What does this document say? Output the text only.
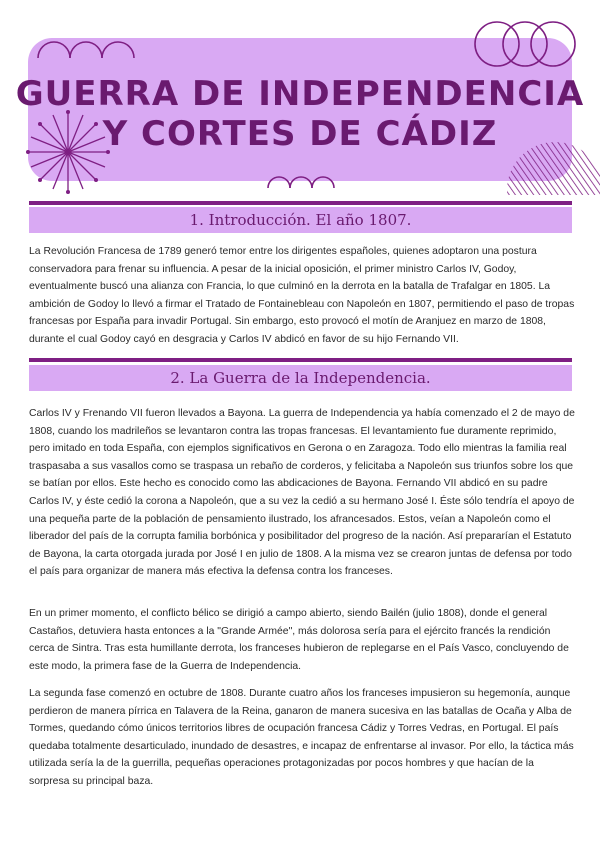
GUERRA DE INDEPENDENCIA
Y CORTES DE CÁDIZ
1. Introducción. El año 1807.

La Revolución Francesa de 1789 generó temor entre los dirigentes españoles, quienes adoptaron una postura conservadora para frenar su influencia. A pesar de la inicial oposición, el primer ministro Carlos IV, Godoy, eventualmente buscó una alianza con Francia, lo que culminó en la derrota en la batalla de Trafalgar en 1805. La ambición de Godoy lo llevó a firmar el Tratado de Fontainebleau con Napoleón en 1807, permitiendo el paso de tropas francesas por España para invadir Portugal. Sin embargo, esto provocó el motín de Aranjuez en marzo de 1808, durante el cual Godoy cayó en desgracia y Carlos IV abdicó en favor de su hijo Fernando VII.

2. La Guerra de la Independencia.

Carlos IV y Frenando VII fueron llevados a Bayona. La guerra de Independencia ya había comenzado el 2 de mayo de 1808, cuando los madrileños se levantaron contra las tropas francesas. El levantamiento fue duramente reprimido, pero imitado en toda España, con ejemplos significativos en Gerona o en Zaragoza. Todo ello mientras la familia real traspasaba a sus vasallos como se traspasa un rebaño de corderos, y felicitaba a Napoleón sus triunfos sobre los que se batían por ellos. Este hecho es conocido como las abdicaciones de Bayona. Fernando VII abdicó en su padre Carlos IV, y éste cedió la corona a Napoleón, que a su vez la cedió a su hermano José I. Éste sólo tendría el apoyo de una pequeña parte de la población de pensamiento ilustrado, los afrancesados. Estos, veían a Napoleón como el liberador del país de la corrupta familia borbónica y posibilitador del progreso de la nación. Así prepararían el Estatuto de Bayona, la carta otorgada jurada por José I en julio de 1808. A la misma vez se crearon juntas de defensa por todo el país para organizar de manera más efectiva la defensa contra los franceses.

En un primer momento, el conflicto bélico se dirigió a campo abierto, siendo Bailén (julio 1808), donde el general Castaños, detuviera hasta entonces a la "Grande Armée", más dolorosa sería para el ejército francés la rendición cerca de Sintra. Tras esta humillante derrota, los franceses hubieron de replegarse en el País Vasco, concluyendo de este modo, la primera fase de la Guerra de Independencia.

La segunda fase comenzó en octubre de 1808. Durante cuatro años los franceses impusieron su hegemonía, aunque perdieron de manera pírrica en Talavera de la Reina, ganaron de manera sucesiva en las batallas de Ocaña y Alba de Tormes, quedando cómo únicos territorios libres de ocupación francesa Cádiz y Torres Vedras, en Portugal. El país quedaba totalmente desarticulado, inundado de desastres, e incapaz de enfrentarse al invasor. Por ello, la táctica más utilizada sería la de la guerrilla, pequeñas operaciones protagonizadas por pocos hombres y que hacían de la sorpresa su principal baza.
